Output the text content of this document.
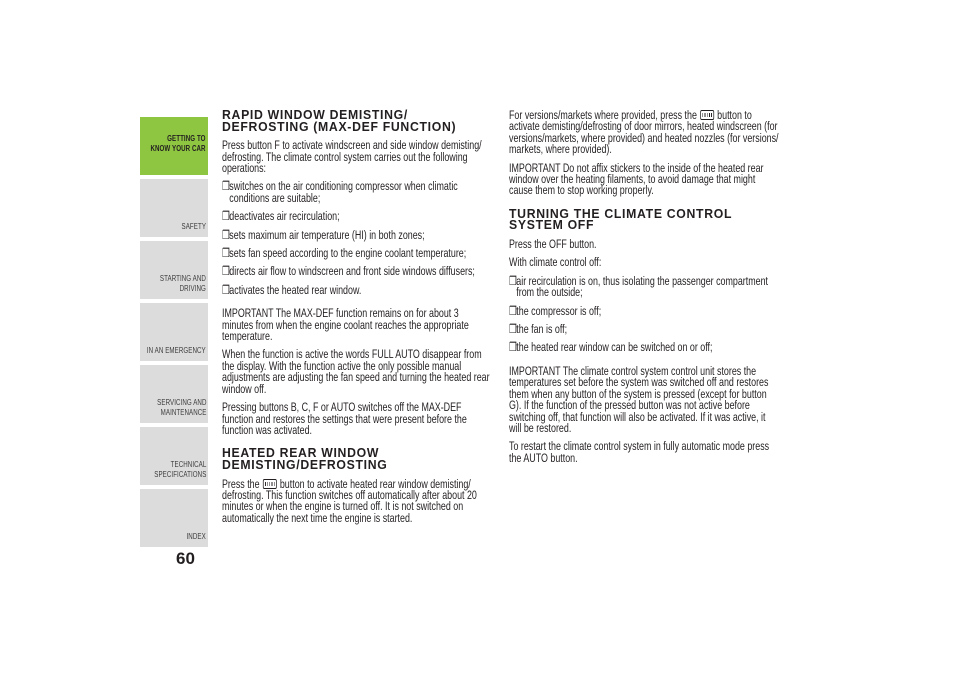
GETTING TO
KNOW YOUR CAR
SAFETY
STARTING AND
DRIVING
IN AN EMERGENCY
SERVICING AND
MAINTENANCE
TECHNICAL
SPECIFICATIONS
INDEX
60
RAPID WINDOW DEMISTING/ DEFROSTING (MAX-DEF FUNCTION)

Press button F to activate windscreen and side window demisting/ defrosting. The climate control system carries out the following operations:

❒ switches on the air conditioning compressor when climatic conditions are suitable;
❒ deactivates air recirculation;
❒ sets maximum air temperature (HI) in both zones;
❒ sets fan speed according to the engine coolant temperature;
❒ directs air flow to windscreen and front side windows diffusers;
❒ activates the heated rear window.

IMPORTANT The MAX-DEF function remains on for about 3 minutes from when the engine coolant reaches the appropriate temperature.

When the function is active the words FULL AUTO disappear from the display. With the function active the only possible manual adjustments are adjusting the fan speed and turning the heated rear window off.

Pressing buttons B, C, F or AUTO switches off the MAX-DEF function and restores the settings that were present before the function was activated.

HEATED REAR WINDOW DEMISTING/DEFROSTING

Press the button to activate heated rear window demisting/ defrosting. This function switches off automatically after about 20 minutes or when the engine is turned off. It is not switched on automatically the next time the engine is started.

For versions/markets where provided, press the button to activate demisting/defrosting of door mirrors, heated windscreen (for versions/markets, where provided) and heated nozzles (for versions/ markets, where provided).

IMPORTANT Do not affix stickers to the inside of the heated rear window over the heating filaments, to avoid damage that might cause them to stop working properly.

TURNING THE CLIMATE CONTROL SYSTEM OFF

Press the OFF button.

With climate control off:

❒ air recirculation is on, thus isolating the passenger compartment from the outside;
❒ the compressor is off;
❒ the fan is off;
❒ the heated rear window can be switched on or off;

IMPORTANT The climate control system control unit stores the temperatures set before the system was switched off and restores them when any button of the system is pressed (except for button G). If the function of the pressed button was not active before switching off, that function will also be activated. If it was active, it will be restored.

To restart the climate control system in fully automatic mode press the AUTO button.
